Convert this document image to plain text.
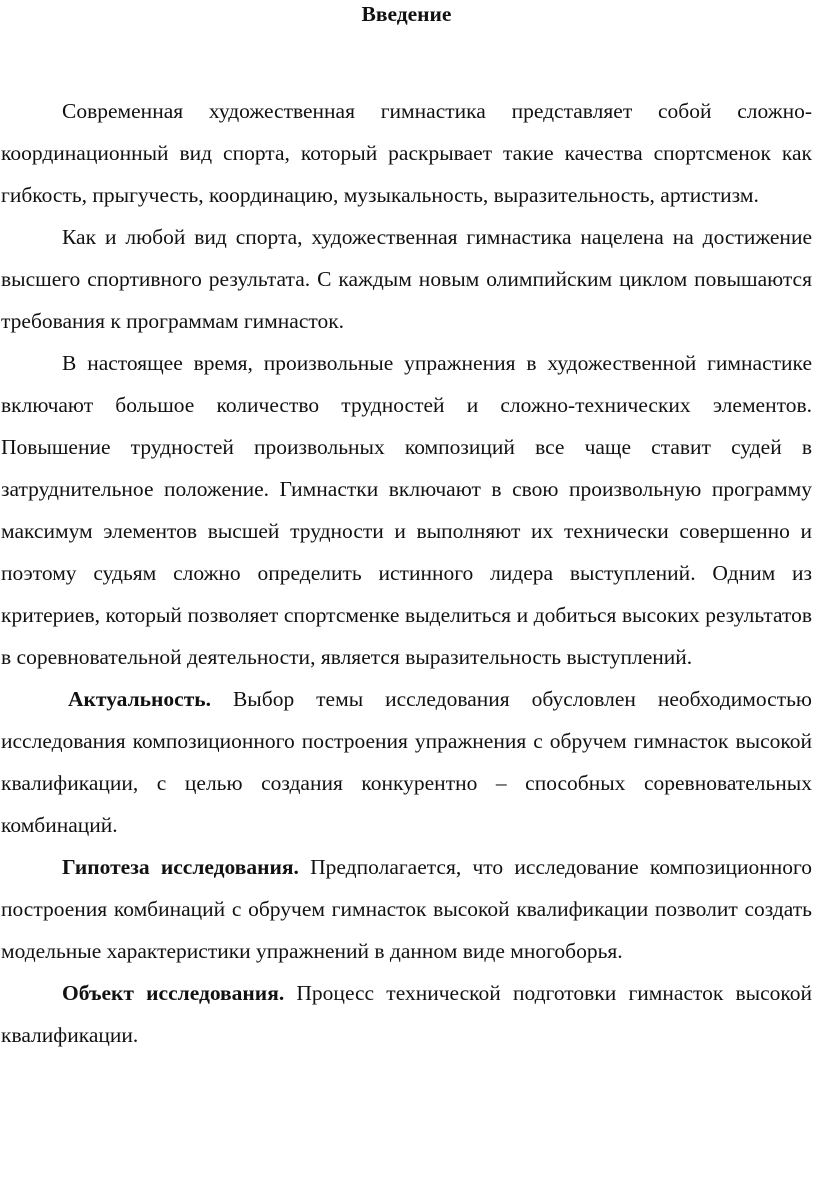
Введение

Современная художественная гимнастика представляет собой сложно-координационный вид спорта, который раскрывает такие качества спортсменок как гибкость, прыгучесть, координацию, музыкальность, выразительность, артистизм.

Как и любой вид спорта, художественная гимнастика нацелена на достижение высшего спортивного результата. С каждым новым олимпийским циклом повышаются требования к программам гимнасток.

В настоящее время, произвольные упражнения в художественной гимнастике включают большое количество трудностей и сложно-технических элементов. Повышение трудностей произвольных композиций все чаще ставит судей в затруднительное положение. Гимнастки включают в свою произвольную программу максимум элементов высшей трудности и выполняют их технически совершенно и поэтому судьям сложно определить истинного лидера выступлений. Одним из критериев, который позволяет спортсменке выделиться и добиться высоких результатов в соревновательной деятельности, является выразительность выступлений.

Актуальность. Выбор темы исследования обусловлен необходимостью исследования композиционного построения упражнения с обручем гимнасток высокой квалификации, с целью создания конкурентно – способных соревновательных комбинаций.

Гипотеза исследования. Предполагается, что исследование композиционного построения комбинаций с обручем гимнасток высокой квалификации позволит создать модельные характеристики упражнений в данном виде многоборья.

Объект исследования. Процесс технической подготовки гимнасток высокой квалификации.
